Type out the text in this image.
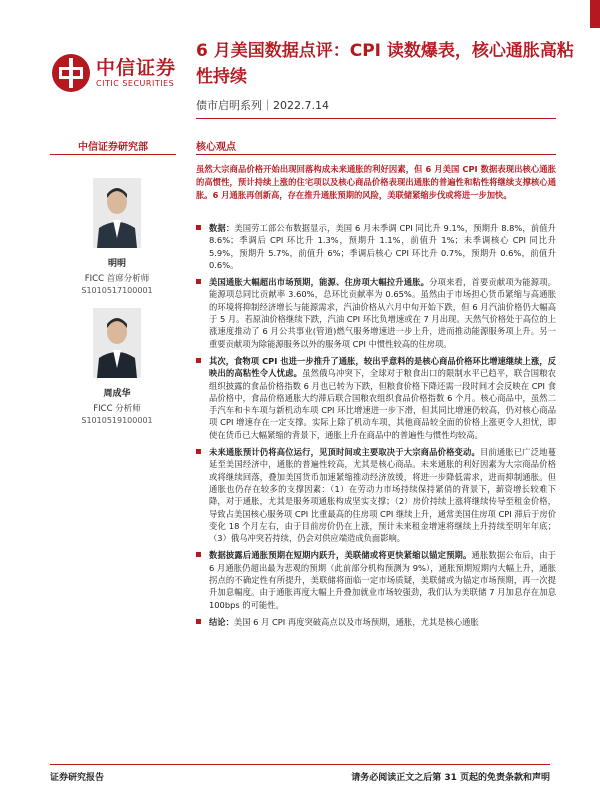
中信证券
CITIC SECURITIES
6 月美国数据点评：CPI 读数爆表，核心通胀高粘性持续
债市启明系列｜2022.7.14
中信证券研究部	核心观点
明明
FICC 首席分析师
S1010517100001
周成华
FICC 分析师
S1010519100001
虽然大宗商品价格开始出现回落构成未来通胀的利好因素，但 6 月美国 CPI 数据表现出核心通胀的高惯性，预计持续上涨的住宅项以及核心商品价格表现出通胀的普遍性和粘性将继续支撑核心通胀。6 月通胀再创新高，存在推升通胀预期的风险，美联储紧缩步伐或将进一步加快。
数据：美国劳工部公布数据显示，美国 6 月未季调 CPI 同比升 9.1%，预期升 8.8%，前值升 8.6%；季调后 CPI 环比升 1.3%，预期升 1.1%，前值升 1%；未季调核心 CPI 同比升 5.9%，预期升 5.7%，前值升 6%；季调后核心 CPI 环比升 0.7%，预期升 0.6%，前值升 0.6%。
美国通胀大幅超出市场预期，能源、住房项大幅拉升通胀。分项来看，首要贡献项为能源项。能源项总同比贡献率 3.60%，总环比贡献率为 0.65%。虽然由于市场担心货币紧缩与高通胀的环境将抑制经济增长与能源需求，汽油价格从六月中旬开始下跌，但 6 月汽油价格仍大幅高于 5 月。若原油价格继续下跌，汽油 CPI 环比负增速或在 7 月出现。天然气价格处于高位的上涨速度推动了 6 月公共事业(管道)燃气服务增速进一步上升，进而推动能源服务项上升。另一重要贡献项为除能源服务以外的服务项 CPI 中惯性较高的住房项。
其次，食物项 CPI 也进一步推升了通胀，较出乎意料的是核心商品价格环比增速继续上涨，反映出的高粘性令人忧虑。虽然俄乌冲突下，全球对于粮食出口的限制水平已趋平，联合国粮农组织披露的食品价格指数 6 月也已转为下跌，但粮食价格下降还需一段时间才会反映在 CPI 食品价格中，食品价格通胀大约滞后联合国粮农组织食品价格指数 6 个月。核心商品中，虽然二手汽车和卡车项与新机动车项 CPI 环比增速进一步下滑，但其同比增速仍较高，仍对核心商品项 CPI 增速存在一定支撑。实际上除了机动车项，其他商品较全面的价格上涨更令人担忧，即使在货币已大幅紧缩的背景下，通胀上升在商品中的普遍性与惯性均较高。
未来通胀预计仍将高位运行，见顶时间或主要取决于大宗商品价格变动。目前通胀已广泛地蔓延至美国经济中，通胀的普遍性较高，尤其是核心商品。未来通胀的利好因素为大宗商品价格或将继续回落，叠加美国货币加速紧缩推动经济放缓，将进一步降低需求，进而抑制通胀。但通胀也仍存在较多的支撑因素：（1）在劳动力市场持续保持紧俏的背景下，薪资增长较难下降，对于通胀，尤其是服务项通胀构成坚实支撑；（2）房价持续上涨将继续传导至租金价格，导致占美国核心服务项 CPI 比重最高的住房项 CPI 继续上升，通常美国住房项 CPI 滞后于房价变化 18 个月左右，由于目前房价仍在上涨，预计未来租金增速将继续上升持续至明年年底；（3）俄乌冲突若持续，仍会对供应端造成负面影响。
数据披露后通胀预期在短期内跃升，美联储或将更快紧缩以锚定预期。通胀数据公布后，由于 6 月通胀仍超出最为悲观的预期（此前部分机构预测为 9%），通胀预期短期内大幅上升，通胀拐点的不确定性有所提升，美联储将面临一定市场质疑，美联储或为锚定市场预期，再一次提升加息幅度。由于通胀再度大幅上升叠加就业市场较强劲，我们认为美联储 7 月加息存在加息 100bps 的可能性。
结论：美国 6 月 CPI 再度突破高点以及市场预期，通胀，尤其是核心通胀
证券研究报告	请务必阅读正文之后第 31 页起的免责条款和声明
